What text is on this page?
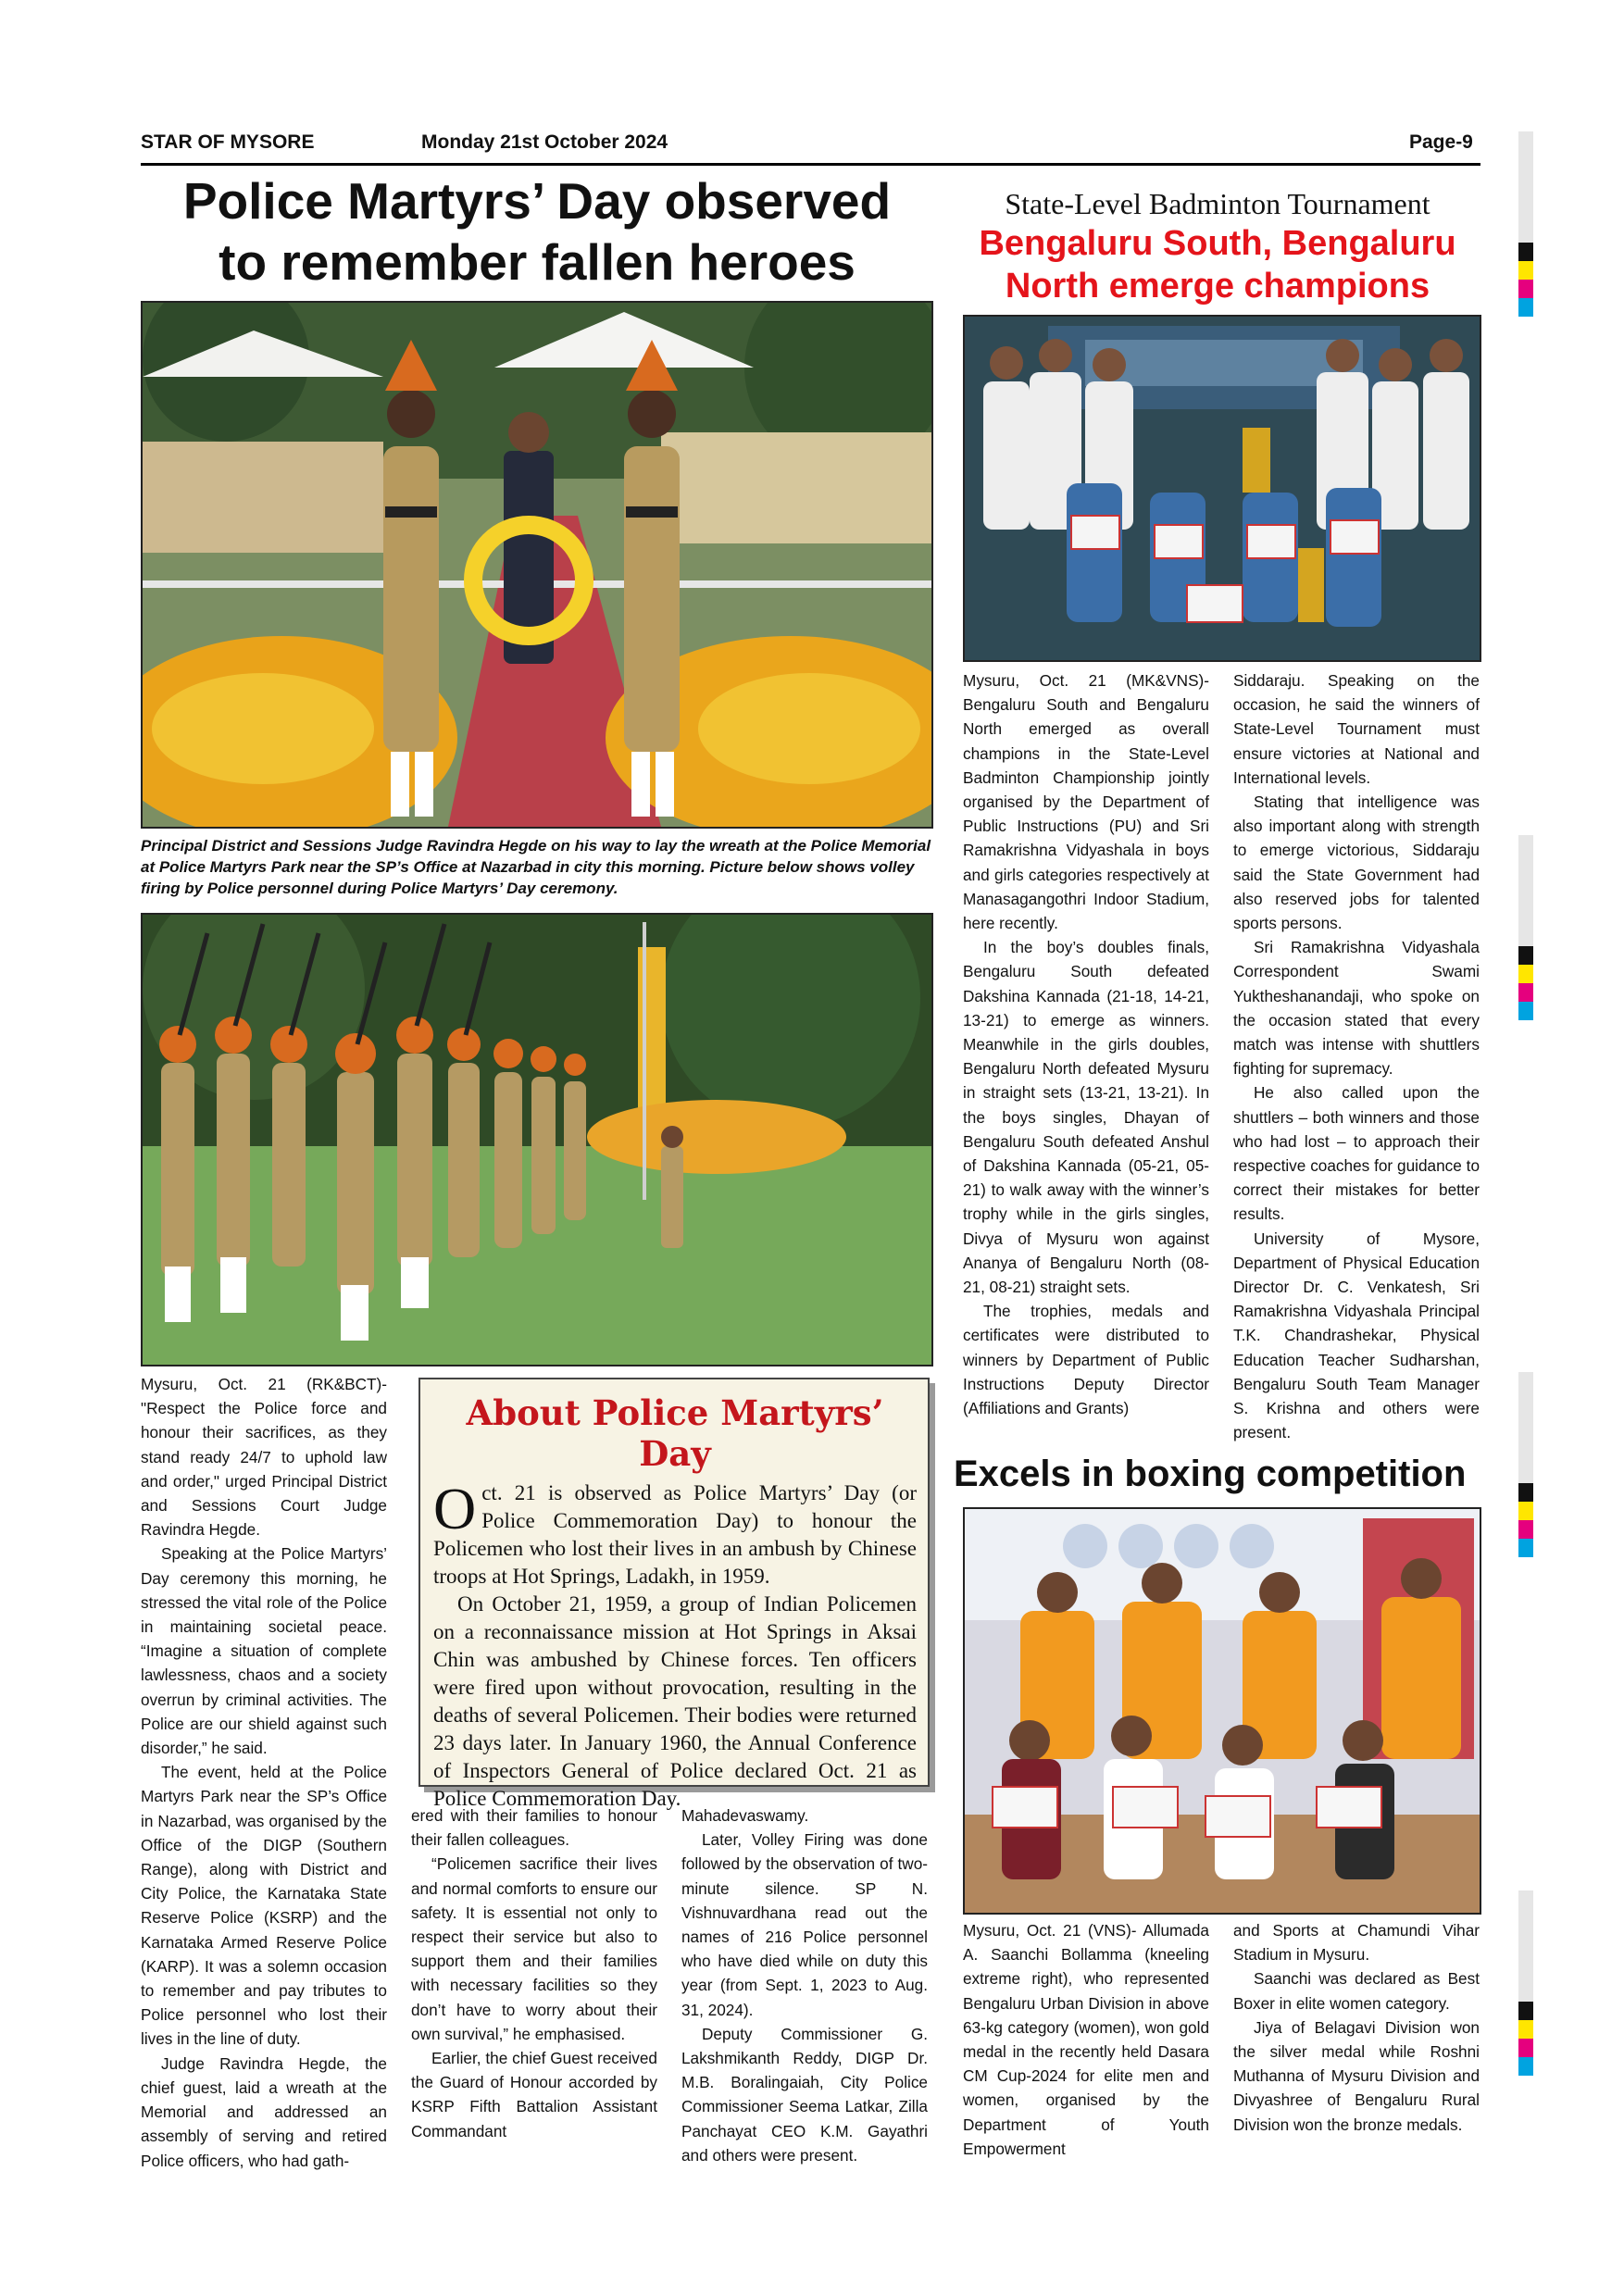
STAR OF MYSORE	Monday 21st October 2024	Page-9
Police Martyrs’ Day observed
to remember fallen heroes
Principal District and Sessions Judge Ravindra Hegde on his way to lay the wreath at the Police Memorial at Police Martyrs Park near the SP’s Office at Nazarbad in city this morning. Picture below shows volley firing by Police personnel during Police Martyrs’ Day ceremony.

Mysuru, Oct. 21 (RK&BCT)- "Respect the Police force and honour their sacrifices, as they stand ready 24/7 to uphold law and order," urged Principal District and Sessions Court Judge Ravindra Hegde.

Speaking at the Police Martyrs’ Day ceremony this morning, he stressed the vital role of the Police in maintaining societal peace. “Imagine a situation of complete lawlessness, chaos and a society overrun by criminal activities. The Police are our shield against such disorder,” he said.

The event, held at the Police Martyrs Park near the SP’s Office in Nazarbad, was organised by the Office of the DIGP (Southern Range), along with District and City Police, the Karnataka State Reserve Police (KSRP) and the Karnataka Armed Reserve Police (KARP). It was a solemn occasion to remember and pay tributes to Police personnel who lost their lives in the line of duty.

Judge Ravindra Hegde, the chief guest, laid a wreath at the Memorial and addressed an assembly of serving and retired Police officers, who had gath-

About Police Martyrs’ Day

Oct. 21 is observed as Police Martyrs’ Day (or Police Commemoration Day) to honour the Policemen who lost their lives in an ambush by Chinese troops at Hot Springs, Ladakh, in 1959.

On October 21, 1959, a group of Indian Policemen on a reconnaissance mission at Hot Springs in Aksai Chin was ambushed by Chinese forces. Ten officers were fired upon without provocation, resulting in the deaths of several Policemen. Their bodies were returned 23 days later. In January 1960, the Annual Conference of Inspectors General of Police declared Oct. 21 as Police Commemoration Day.

ered with their families to honour their fallen colleagues.

“Policemen sacrifice their lives and normal comforts to ensure our safety. It is essential not only to respect their service but also to support them and their families with necessary facilities so they don’t have to worry about their own survival,” he emphasised.

Earlier, the chief Guest received the Guard of Honour accorded by KSRP Fifth Battalion Assistant Commandant

Mahadevaswamy.

Later, Volley Firing was done followed by the observation of two-minute silence. SP N. Vishnuvardhana read out the names of 216 Police personnel who have died while on duty this year (from Sept. 1, 2023 to Aug. 31, 2024).

Deputy Commissioner G. Lakshmikanth Reddy, DIGP Dr. M.B. Boralingaiah, City Police Commissioner Seema Latkar, Zilla Panchayat CEO K.M. Gayathri and others were present.

State-Level Badminton Tournament
Bengaluru South, Bengaluru
North emerge champions

Mysuru, Oct. 21 (MK&VNS)- Bengaluru South and Bengaluru North emerged as overall champions in the State-Level Badminton Championship jointly organised by the Department of Public Instructions (PU) and Sri Ramakrishna Vidyashala in boys and girls categories respectively at Manasagangothri Indoor Stadium, here recently.

In the boy’s doubles finals, Bengaluru South defeated Dakshina Kannada (21-18, 14-21, 13-21) to emerge as winners. Meanwhile in the girls doubles, Bengaluru North defeated Mysuru in straight sets (13-21, 13-21). In the boys singles, Dhayan of Bengaluru South defeated Anshul of Dakshina Kannada (05-21, 05-21) to walk away with the winner’s trophy while in the girls singles, Divya of Mysuru won against Ananya of Bengaluru North (08-21, 08-21) straight sets.

The trophies, medals and certificates were distributed to winners by Department of Public Instructions Deputy Director (Affiliations and Grants)

Siddaraju. Speaking on the occasion, he said the winners of State-Level Tournament must ensure victories at National and International levels.

Stating that intelligence was also important along with strength to emerge victorious, Siddaraju said the State Government had also reserved jobs for talented sports persons.

Sri Ramakrishna Vidyashala Correspondent Swami Yuktheshanandaji, who spoke on the occasion stated that every match was intense with shuttlers fighting for supremacy.

He also called upon the shuttlers – both winners and those who had lost – to approach their respective coaches for guidance to correct their mistakes for better results.

University of Mysore, Department of Physical Education Director Dr. C. Venkatesh, Sri Ramakrishna Vidyashala Principal T.K. Chandrashekar, Physical Education Teacher Sudharshan, Bengaluru South Team Manager S. Krishna and others were present.

Excels in boxing competition

Mysuru, Oct. 21 (VNS)- Allumada A. Saanchi Bollamma (kneeling extreme right), who represented Bengaluru Urban Division in above 63-kg category (women), won gold medal in the recently held Dasara CM Cup-2024 for elite men and women, organised by the Department of Youth Empowerment

and Sports at Chamundi Vihar Stadium in Mysuru.

Saanchi was declared as Best Boxer in elite women category.

Jiya of Belagavi Division won the silver medal while Roshni Muthanna of Mysuru Division and Divyashree of Bengaluru Rural Division won the bronze medals.
